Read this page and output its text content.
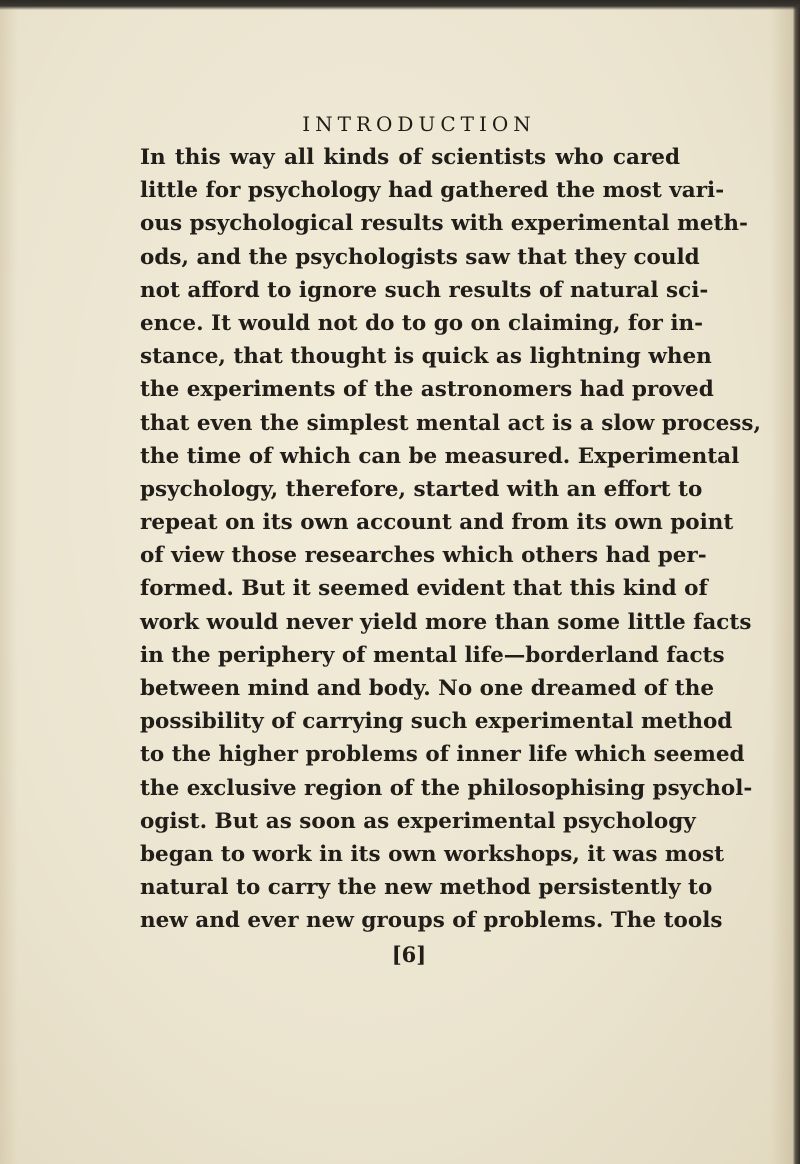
INTRODUCTION
In this way all kinds of scientists who cared
little for psychology had gathered the most vari-
ous psychological results with experimental meth-
ods, and the psychologists saw that they could
not afford to ignore such results of natural sci-
ence. It would not do to go on claiming, for in-
stance, that thought is quick as lightning when
the experiments of the astronomers had proved
that even the simplest mental act is a slow process,
the time of which can be measured. Experimental
psychology, therefore, started with an effort to
repeat on its own account and from its own point
of view those researches which others had per-
formed. But it seemed evident that this kind of
work would never yield more than some little facts
in the periphery of mental life—borderland facts
between mind and body. No one dreamed of the
possibility of carrying such experimental method
to the higher problems of inner life which seemed
the exclusive region of the philosophising psychol-
ogist. But as soon as experimental psychology
began to work in its own workshops, it was most
natural to carry the new method persistently to
new and ever new groups of problems. The tools
[6]
